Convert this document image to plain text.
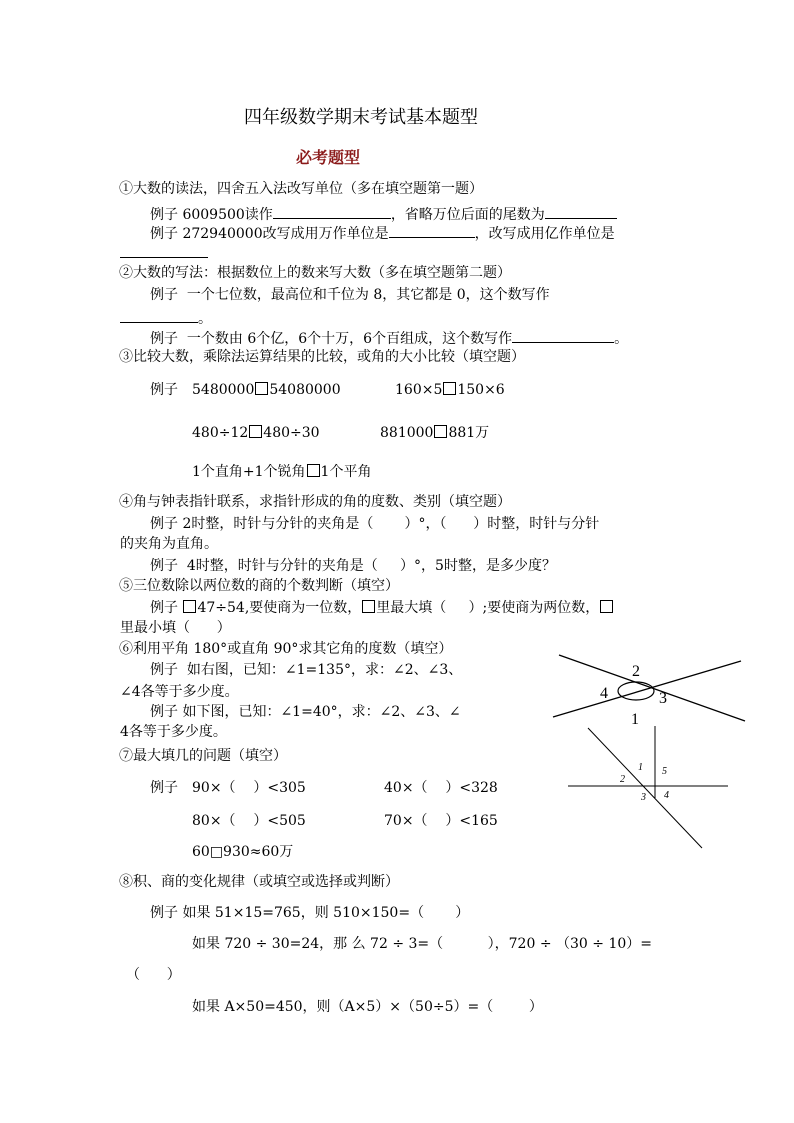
四年级数学期末考试基本题型
必考题型
①大数的读法，四舍五入法改写单位（多在填空题第一题）
例子 6009500读作	，省略万位后面的尾数为
例子 272940000改写成用万作单位是	，改写成用亿作单位是
②大数的写法：根据数位上的数来写大数（多在填空题第二题）
例子  一个七位数，最高位和千位为 8，其它都是 0，这个数写作
。
例子  一个数由 6个亿，6个十万，6个百组成，这个数写作	。
③比较大数，乘除法运算结果的比较，或角的大小比较（填空题）
例子 5480000 54080000	160×5 150×6
480÷12 480÷30	881000 881万
1个直角+1个锐角 1个平角
④角与钟表指针联系，求指针形成的角的度数、类别（填空题）
例子 2时整，时针与分针的夹角是（       ）°，（      ）时整，时针与分针
的夹角为直角。
例子  4时整，时针与分针的夹角是（     ）°，5时整，是多少度？
⑤三位数除以两位数的商的个数判断（填空）
例子 47÷54,要使商为一位数， 里最大填（     ）;要使商为两位数，
里最小填（      ）
⑥利用平角 180°或直角 90°求其它角的度数（填空）
例子  如右图，已知：∠1=135°，求：∠2、∠3、
∠4各等于多少度。
例子 如下图，已知：∠1=40°，求：∠2、∠3、∠
4各等于多少度。
2
4	3
1
1
2
3 4
5
⑦最大填几的问题（填空）
例子 90×（    ）<305	40×（    ）<328
80×（    ）<505	70×（    ）<165
60□930≈60万
⑧积、商的变化规律（或填空或选择或判断）
例子 如果 51×15=765，则 510×150=（       ）
如果 720 ÷ 30=24，那 么 72 ÷ 3=（          ），720 ÷ （30 ÷ 10）=
（      ）
如果 A×50=450，则（A×5）×（50÷5）=（        ）
